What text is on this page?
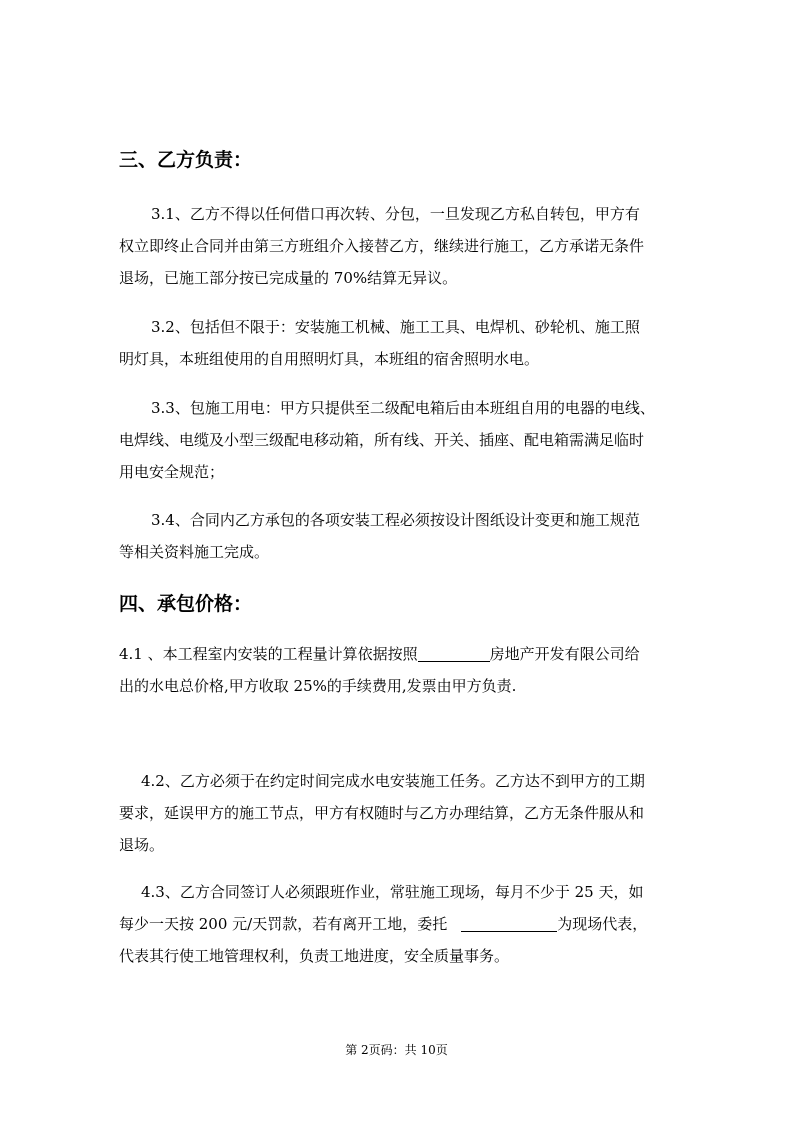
三、乙方负责：
3.1、乙方不得以任何借口再次转、分包，一旦发现乙方私自转包，甲方有
权立即终止合同并由第三方班组介入接替乙方，继续进行施工，乙方承诺无条件
退场，已施工部分按已完成量的 70%结算无异议。
3.2、包括但不限于：安装施工机械、施工工具、电焊机、砂轮机、施工照
明灯具，本班组使用的自用照明灯具，本班组的宿舍照明水电。
3.3、包施工用电：甲方只提供至二级配电箱后由本班组自用的电器的电线、
电焊线、电缆及小型三级配电移动箱，所有线、开关、插座、配电箱需满足临时
用电安全规范；
3.4、合同内乙方承包的各项安装工程必须按设计图纸设计变更和施工规范
等相关资料施工完成。
四、承包价格：
4.1 、本工程室内安装的工程量计算依据按照	房地产开发有限公司给
出的水电总价格,甲方收取 25%的手续费用,发票由甲方负责.
4.2、乙方必须于在约定时间完成水电安装施工任务。乙方达不到甲方的工期
要求，延误甲方的施工节点，甲方有权随时与乙方办理结算，乙方无条件服从和
退场。
4.3、乙方合同签订人必须跟班作业，常驻施工现场，每月不少于 25 天，如
每少一天按 200 元/天罚款，若有离开工地，委托	为现场代表，
代表其行使工地管理权利，负责工地进度，安全质量事务。
第 2页码：共 10页
